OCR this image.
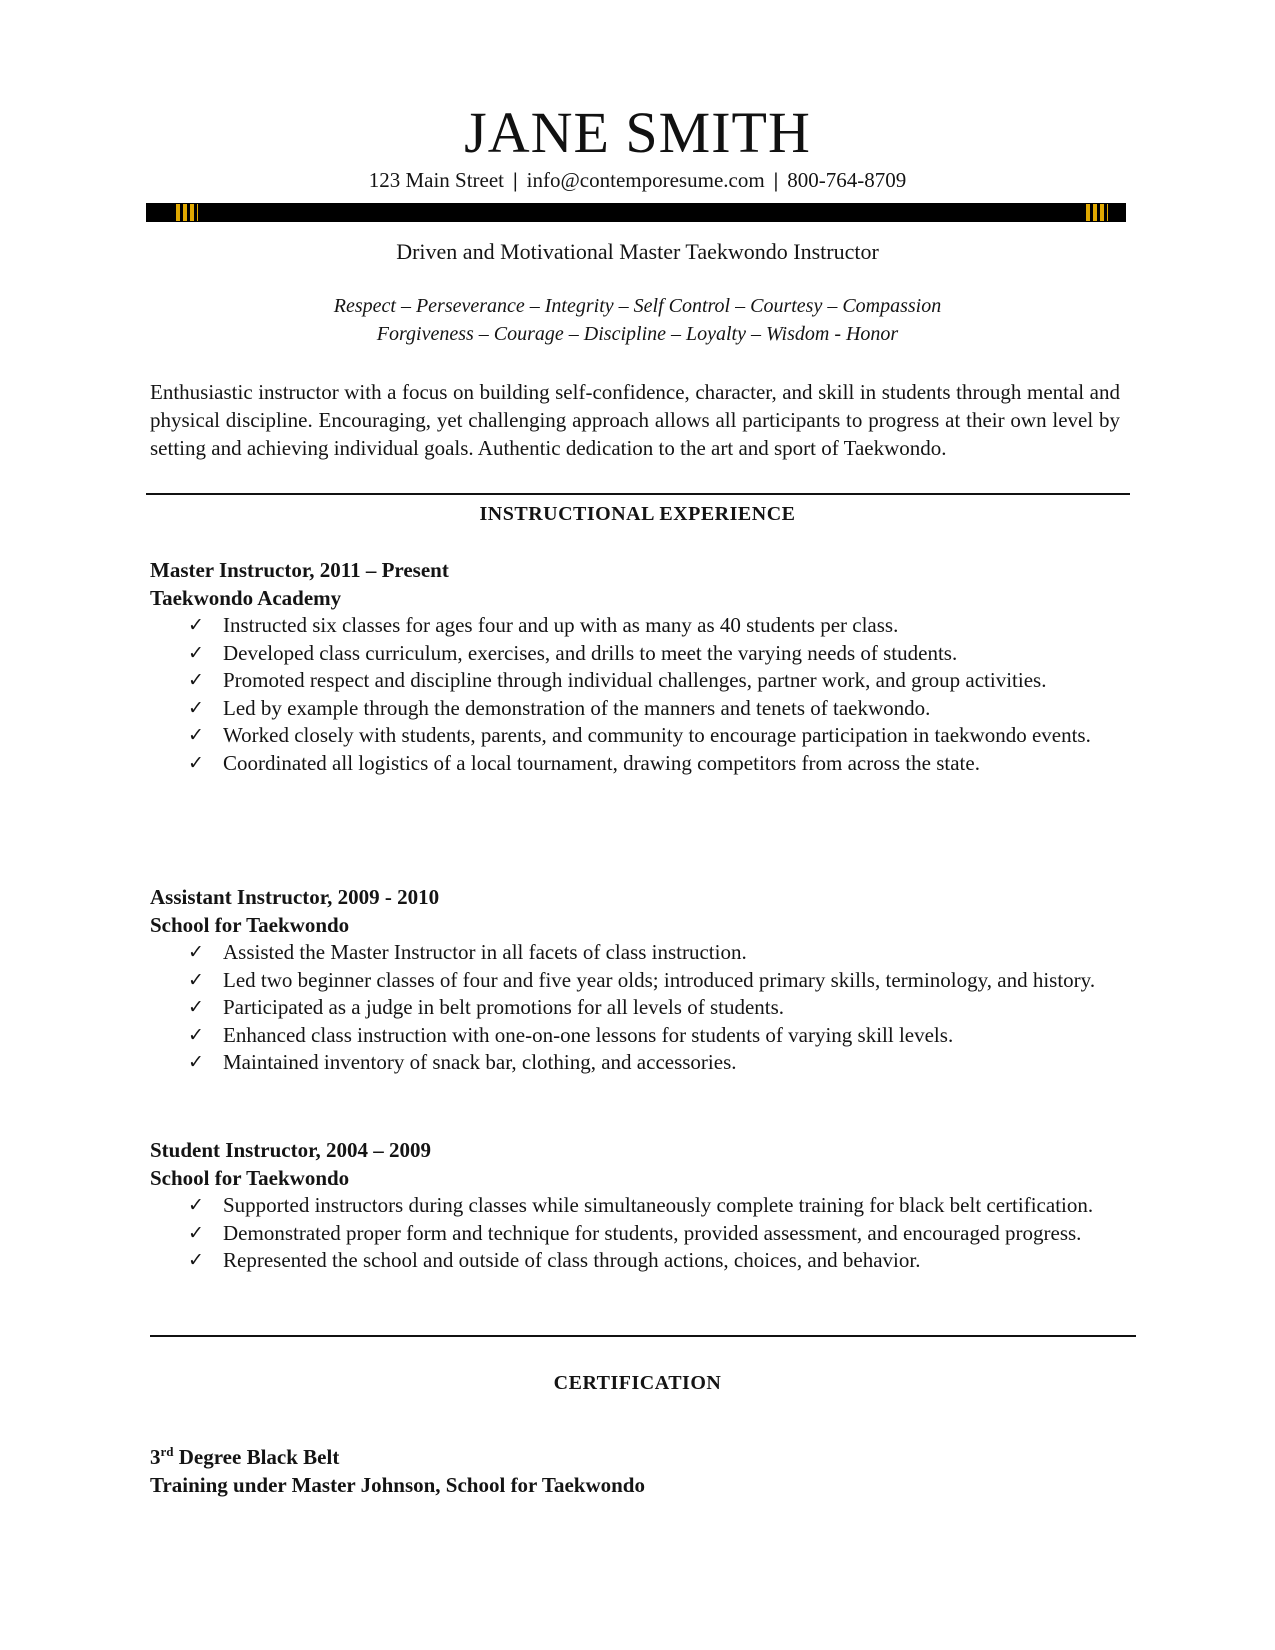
JANE SMITH
123 Main Street | info@contemporesume.com | 800-764-8709
Driven and Motivational Master Taekwondo Instructor
Respect – Perseverance – Integrity – Self Control – Courtesy – Compassion
Forgiveness – Courage – Discipline – Loyalty – Wisdom - Honor
Enthusiastic instructor with a focus on building self-confidence, character, and skill in students through mental and physical discipline. Encouraging, yet challenging approach allows all participants to progress at their own level by setting and achieving individual goals. Authentic dedication to the art and sport of Taekwondo.
INSTRUCTIONAL EXPERIENCE
Master Instructor, 2011 – Present
Taekwondo Academy
✓ Instructed six classes for ages four and up with as many as 40 students per class.
✓ Developed class curriculum, exercises, and drills to meet the varying needs of students.
✓ Promoted respect and discipline through individual challenges, partner work, and group activities.
✓ Led by example through the demonstration of the manners and tenets of taekwondo.
✓ Worked closely with students, parents, and community to encourage participation in taekwondo events.
✓ Coordinated all logistics of a local tournament, drawing competitors from across the state.
Assistant Instructor, 2009 - 2010
School for Taekwondo
✓ Assisted the Master Instructor in all facets of class instruction.
✓ Led two beginner classes of four and five year olds; introduced primary skills, terminology, and history.
✓ Participated as a judge in belt promotions for all levels of students.
✓ Enhanced class instruction with one-on-one lessons for students of varying skill levels.
✓ Maintained inventory of snack bar, clothing, and accessories.
Student Instructor, 2004 – 2009
School for Taekwondo
✓ Supported instructors during classes while simultaneously complete training for black belt certification.
✓ Demonstrated proper form and technique for students, provided assessment, and encouraged progress.
✓ Represented the school and outside of class through actions, choices, and behavior.
CERTIFICATION
3rd Degree Black Belt
Training under Master Johnson, School for Taekwondo
